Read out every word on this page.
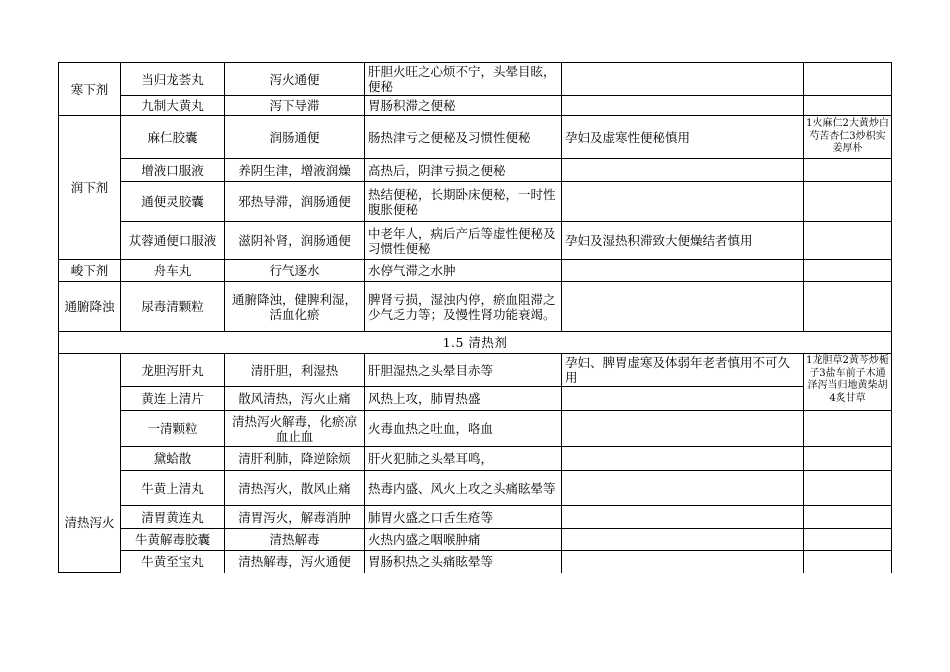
寒下剂	当归龙荟丸	泻火通便	肝胆火旺之心烦不宁，头晕目眩，便秘		
	九制大黄丸	泻下导滞	胃肠积滞之便秘		
润下剂	麻仁胶囊	润肠通便	肠热津亏之便秘及习惯性便秘	孕妇及虚寒性便秘慎用	1火麻仁2大黄炒白芍苦杏仁3炒枳实姜厚朴
	增液口服液	养阴生津，增液润燥	高热后，阴津亏损之便秘		
	通便灵胶囊	邪热导滞，润肠通便	热结便秘，长期卧床便秘，一时性腹胀便秘		
	苁蓉通便口服液	滋阴补肾，润肠通便	中老年人，病后产后等虚性便秘及习惯性便秘	孕妇及湿热积滞致大便燥结者慎用	
峻下剂	舟车丸	行气逐水	水停气滞之水肿		
通腑降浊	尿毒清颗粒	通腑降浊，健脾利湿，活血化瘀	脾肾亏损，湿浊内停，瘀血阻滞之少气乏力等；及慢性肾功能衰竭。		
1.5 清热剂					
清热泻火	龙胆泻肝丸	清肝胆，利湿热	肝胆湿热之头晕目赤等	孕妇、脾胃虚寒及体弱年老者慎用不可久用	1龙胆草2黄芩炒栀子3盐车前子木通泽泻当归地黄柴胡4炙甘草
	黄连上清片	散风清热，泻火止痛	风热上攻，肺胃热盛		
	一清颗粒	清热泻火解毒，化瘀凉血止血	火毒血热之吐血，咯血		
	黛蛤散	清肝利肺，降逆除烦	肝火犯肺之头晕耳鸣，		
	牛黄上清丸	清热泻火，散风止痛	热毒内盛、风火上攻之头痛眩晕等		
	清胃黄连丸	清胃泻火，解毒消肿	肺胃火盛之口舌生疮等		
	牛黄解毒胶囊	清热解毒	火热内盛之咽喉肿痛		
	牛黄至宝丸	清热解毒，泻火通便	胃肠积热之头痛眩晕等		
